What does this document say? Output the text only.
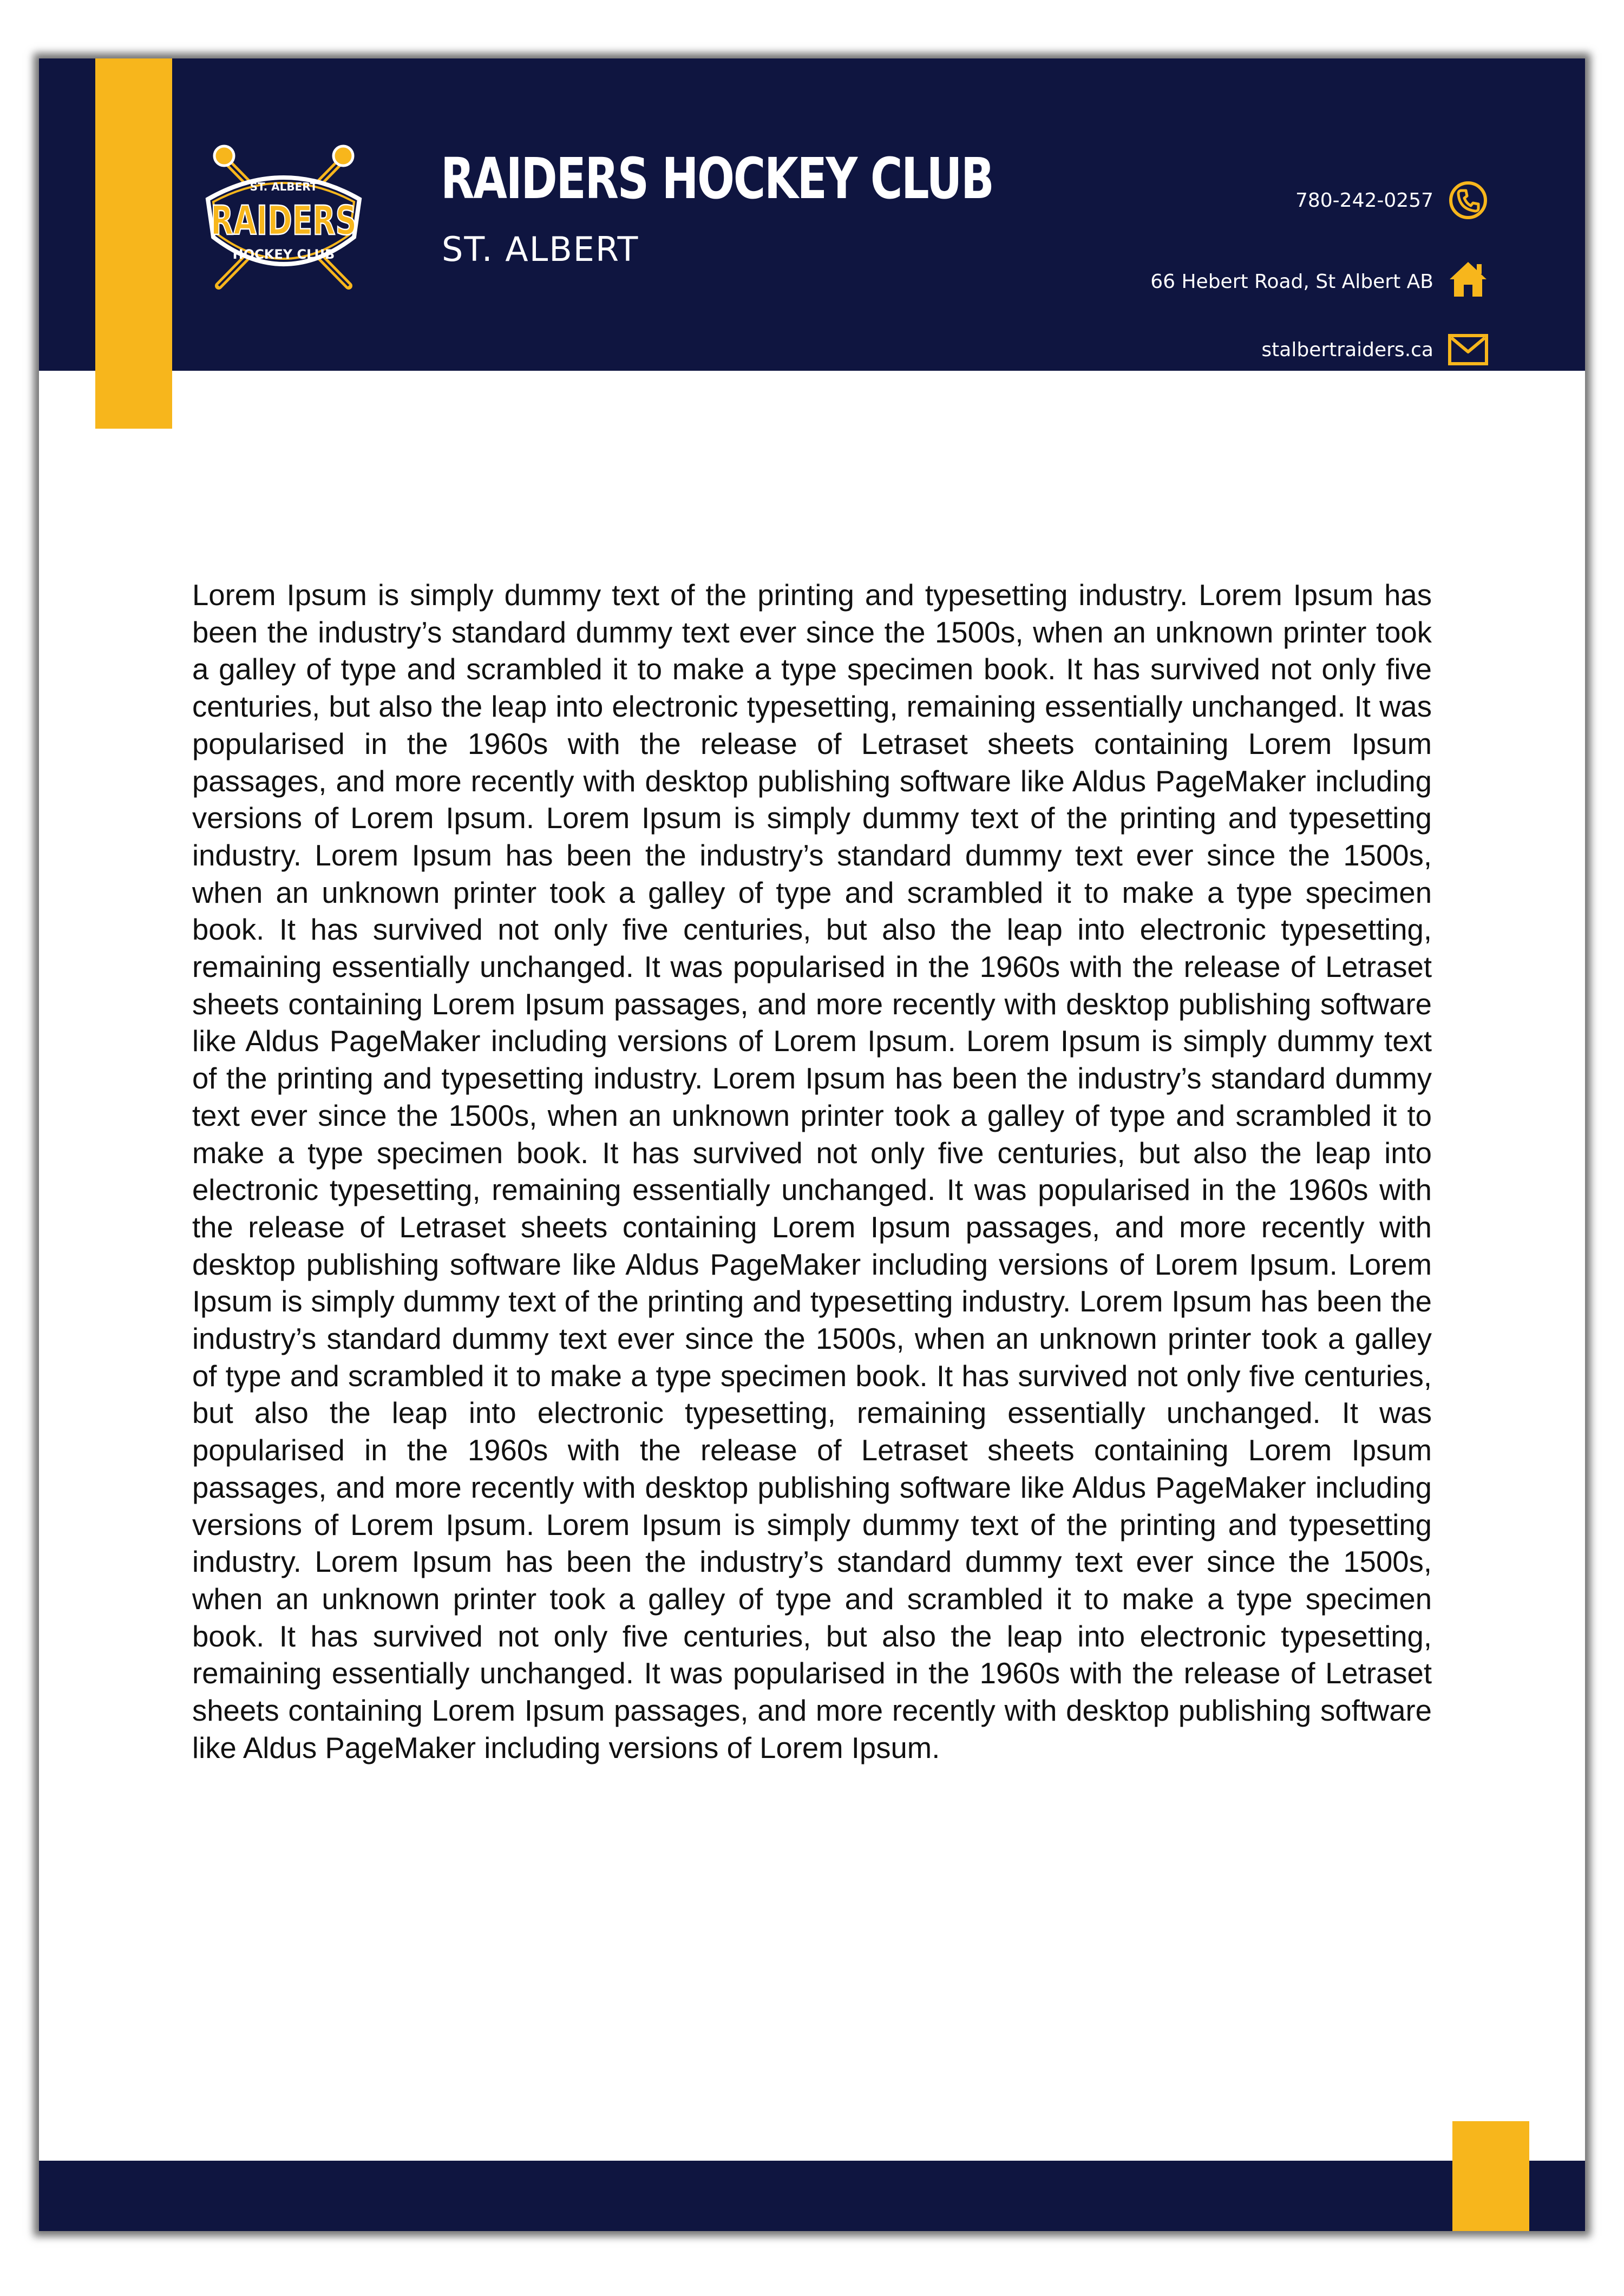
ST. ALBERT
RAIDERS
HOCKEY CLUB
RAIDERS HOCKEY CLUB
ST. ALBERT
780-242-0257
66 Hebert Road, St Albert AB
stalbertraiders.ca

Lorem Ipsum is simply dummy text of the printing and typesetting industry. Lorem Ipsum has been the industry’s standard dummy text ever since the 1500s, when an unknown printer took a galley of type and scrambled it to make a type specimen book. It has survived not only five centuries, but also the leap into electronic typesetting, remaining essentially unchanged. It was popularised in the 1960s with the release of Letraset sheets containing Lorem Ipsum passages, and more recently with desktop publishing software like Aldus PageMaker including versions of Lorem Ipsum. Lorem Ipsum is simply dummy text of the printing and typesetting industry. Lorem Ipsum has been the industry’s standard dummy text ever since the 1500s, when an unknown printer took a galley of type and scrambled it to make a type specimen book. It has survived not only five centuries, but also the leap into electronic typesetting, remaining essentially unchanged. It was popularised in the 1960s with the release of Letraset sheets containing Lorem Ipsum passages, and more recently with desktop publishing software like Aldus PageMaker including versions of Lorem Ipsum. Lorem Ipsum is simply dummy text of the printing and typesetting industry. Lorem Ipsum has been the industry’s standard dummy text ever since the 1500s, when an unknown printer took a galley of type and scrambled it to make a type specimen book. It has survived not only five centuries, but also the leap into electronic typesetting, remaining essentially unchanged. It was popularised in the 1960s with the release of Letraset sheets containing Lorem Ipsum passages, and more recently with desktop publishing software like Aldus PageMaker including versions of Lorem Ipsum. Lorem Ipsum is simply dummy text of the printing and typesetting industry. Lorem Ipsum has been the industry’s standard dummy text ever since the 1500s, when an unknown printer took a galley of type and scrambled it to make a type specimen book. It has survived not only five centuries, but also the leap into electronic typesetting, remaining essentially unchanged. It was popularised in the 1960s with the release of Letraset sheets containing Lorem Ipsum passages, and more recently with desktop publishing software like Aldus PageMaker including versions of Lorem Ipsum. Lorem Ipsum is simply dummy text of the printing and typesetting industry. Lorem Ipsum has been the industry’s standard dummy text ever since the 1500s, when an unknown printer took a galley of type and scrambled it to make a type specimen book. It has survived not only five centuries, but also the leap into electronic typesetting, remaining essentially unchanged. It was popularised in the 1960s with the release of Letraset sheets containing Lorem Ipsum passages, and more recently with desktop publishing software like Aldus PageMaker including versions of Lorem Ipsum.
